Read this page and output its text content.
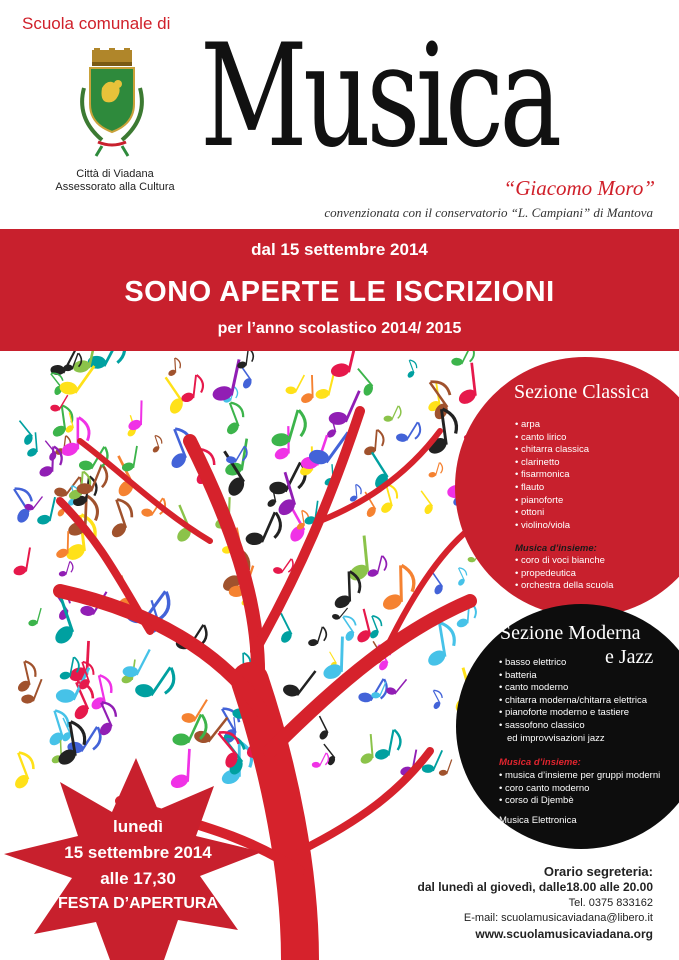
Scuola comunale di
Città di Viadana
Assessorato alla Cultura
Musica
“Giacomo Moro”
convenzionata con il conservatorio “L. Campiani” di Mantova
dal 15 settembre 2014
SONO APERTE LE ISCRIZIONI
per l’anno scolastico 2014/ 2015
Sezione Classica
• arpa
• canto lirico
• chitarra classica
• clarinetto
• fisarmonica
• flauto
• pianoforte
• ottoni
• violino/viola
Musica d’insieme:
• coro di voci bianche
• propedeutica
• orchestra della scuola
Sezione Moderna
e Jazz
• basso elettrico
• batteria
• canto moderno
• chitarra moderna/chitarra elettrica
• pianoforte moderno e tastiere
• sassofono classico
ed improvvisazioni jazz
Musica d’insieme:
• musica d’insieme per gruppi moderni
• coro canto moderno
• corso di Djembè
Musica Elettronica
lunedì
15 settembre 2014
alle 17,30
FESTA D’APERTURA
Orario segreteria:
dal lunedì al giovedì, dalle18.00 alle 20.00
Tel. 0375 833162
E-mail: scuolamusicaviadana@libero.it
www.scuolamusicaviadana.org
